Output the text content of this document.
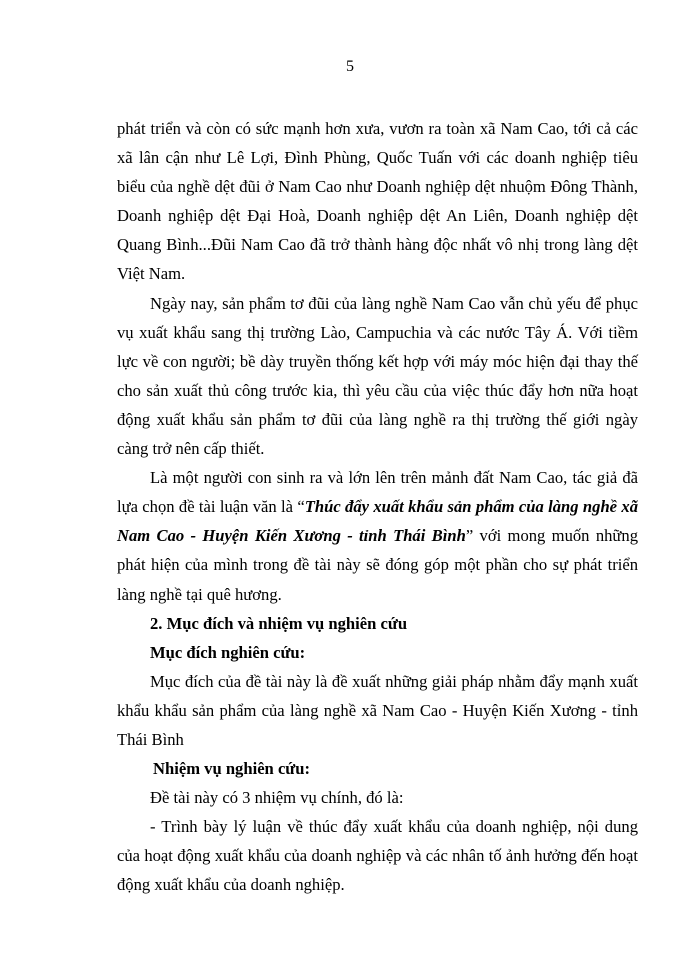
5

phát triển và còn có sức mạnh hơn xưa, vươn ra toàn xã Nam Cao, tới cả các xã lân cận như Lê Lợi, Đình Phùng, Quốc Tuấn với các doanh nghiệp tiêu biểu của nghề dệt đũi ở Nam Cao như Doanh nghiệp dệt nhuộm Đông Thành, Doanh nghiệp dệt Đại Hoà, Doanh nghiệp dệt An Liên, Doanh nghiệp dệt Quang Bình...Đũi Nam Cao đã trở thành hàng độc nhất vô nhị trong làng dệt Việt Nam.

Ngày nay, sản phẩm tơ đũi của làng nghề Nam Cao vẫn chủ yếu để phục vụ xuất khẩu sang thị trường Lào, Campuchia và các nước Tây Á. Với tiềm lực về con người; bề dày truyền thống kết hợp với máy móc hiện đại thay thế cho sản xuất thủ công trước kia, thì yêu cầu của việc thúc đẩy hơn nữa hoạt động xuất khẩu sản phẩm tơ đũi của làng nghề ra thị trường thế giới ngày càng trở nên cấp thiết.

Là một người con sinh ra và lớn lên trên mảnh đất Nam Cao, tác giả đã lựa chọn đề tài luận văn là “Thúc đẩy xuất khẩu sản phẩm của làng nghề xã Nam Cao - Huyện Kiến Xương - tỉnh Thái Bình” với mong muốn những phát hiện của mình trong đề tài này sẽ đóng góp một phần cho sự phát triển làng nghề tại quê hương.

2. Mục đích và nhiệm vụ nghiên cứu

Mục đích nghiên cứu:

Mục đích của đề tài này là đề xuất những giải pháp nhằm đẩy mạnh xuất khẩu khẩu sản phẩm của làng nghề xã Nam Cao - Huyện Kiến Xương - tỉnh Thái Bình

Nhiệm vụ nghiên cứu:

Đề tài này có 3 nhiệm vụ chính, đó là:

- Trình bày lý luận về thúc đẩy xuất khẩu của doanh nghiệp, nội dung của hoạt động xuất khẩu của doanh nghiệp và các nhân tố ảnh hưởng đến hoạt động xuất khẩu của doanh nghiệp.
